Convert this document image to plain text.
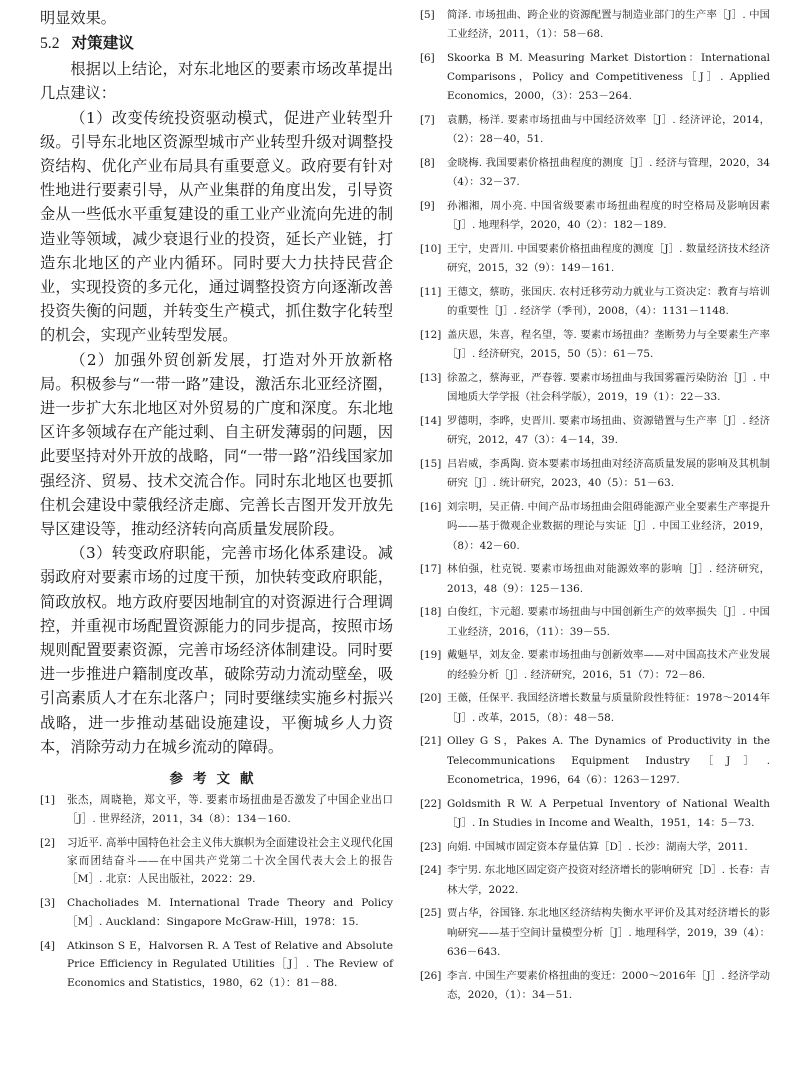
明显效果。

5.2 对策建议

根据以上结论，对东北地区的要素市场改革提出几点建议：

（1）改变传统投资驱动模式，促进产业转型升级。引导东北地区资源型城市产业转型升级对调整投资结构、优化产业布局具有重要意义。政府要有针对性地进行要素引导，从产业集群的角度出发，引导资金从一些低水平重复建设的重工业产业流向先进的制造业等领域，减少衰退行业的投资，延长产业链，打造东北地区的产业内循环。同时要大力扶持民营企业，实现投资的多元化，通过调整投资方向逐渐改善投资失衡的问题，并转变生产模式，抓住数字化转型的机会，实现产业转型发展。

（2）加强外贸创新发展，打造对外开放新格局。积极参与“一带一路”建设，激活东北亚经济圈，进一步扩大东北地区对外贸易的广度和深度。东北地区许多领域存在产能过剩、自主研发薄弱的问题，因此要坚持对外开放的战略，同“一带一路”沿线国家加强经济、贸易、技术交流合作。同时东北地区也要抓住机会建设中蒙俄经济走廊、完善长吉图开发开放先导区建设等，推动经济转向高质量发展阶段。

（3）转变政府职能，完善市场化体系建设。减弱政府对要素市场的过度干预，加快转变政府职能，简政放权。地方政府要因地制宜的对资源进行合理调控，并重视市场配置资源能力的同步提高，按照市场规则配置要素资源，完善市场经济体制建设。同时要进一步推进户籍制度改革，破除劳动力流动壁垒，吸引高素质人才在东北落户；同时要继续实施乡村振兴战略，进一步推动基础设施建设，平衡城乡人力资本，消除劳动力在城乡流动的障碍。

参考文献
[1]	张杰，周晓艳，郑文平，等. 要素市场扭曲是否激发了中国企业出口［J］. 世界经济，2011，34（8）：134－160.
[2]	习近平. 高举中国特色社会主义伟大旗帜为全面建设社会主义现代化国家而团结奋斗——在中国共产党第二十次全国代表大会上的报告［M］. 北京：人民出版社，2022：29.
[3]	Chacholiades M. International Trade Theory and Policy［M］. Auckland：Singapore McGraw-Hill，1978：15.
[4]	Atkinson S E，Halvorsen R. A Test of Relative and Absolute Price Efficiency in Regulated Utilities［J］. The Review of Economics and Statistics，1980，62（1）：81－88.
[5]	简泽. 市场扭曲、跨企业的资源配置与制造业部门的生产率［J］. 中国工业经济，2011，（1）：58－68.
[6]	Skoorka B M. Measuring Market Distortion：International Comparisons，Policy and Competitiveness［J］. Applied Economics，2000，（3）：253－264.
[7]	袁鹏，杨洋. 要素市场扭曲与中国经济效率［J］. 经济评论，2014，（2）：28－40，51.
[8]	金晓梅. 我国要素价格扭曲程度的测度［J］. 经济与管理，2020，34（4）：32－37.
[9]	孙湘湘，周小亮. 中国省级要素市场扭曲程度的时空格局及影响因素［J］. 地理科学，2020，40（2）：182－189.
[10] 王宁，史晋川. 中国要素价格扭曲程度的测度［J］. 数量经济技术经济研究，2015，32（9）：149－161.
[11] 王德文，蔡昉，张国庆. 农村迁移劳动力就业与工资决定：教育与培训的重要性［J］. 经济学（季刊），2008，（4）：1131－1148.
[12] 盖庆恩，朱喜，程名望，等. 要素市场扭曲？垄断势力与全要素生产率［J］. 经济研究，2015，50（5）：61－75.
[13] 徐盈之，蔡海亚，严春蓉. 要素市场扭曲与我国雾霾污染防治［J］. 中国地质大学学报（社会科学版），2019，19（1）：22－33.
[14] 罗德明，李晔，史晋川. 要素市场扭曲、资源错置与生产率［J］. 经济研究，2012，47（3）：4－14，39.
[15] 吕岩威，李禹陶. 资本要素市场扭曲对经济高质量发展的影响及其机制研究［J］. 统计研究，2023，40（5）：51－63.
[16] 刘宗明，吴正倩. 中间产品市场扭曲会阻碍能源产业全要素生产率提升吗——基于微观企业数据的理论与实证［J］. 中国工业经济，2019，（8）：42－60.
[17] 林伯强，杜克锐. 要素市场扭曲对能源效率的影响［J］. 经济研究，2013，48（9）：125－136.
[18] 白俊红，卞元超. 要素市场扭曲与中国创新生产的效率损失［J］. 中国工业经济，2016，（11）：39－55.
[19] 戴魁早，刘友金. 要素市场扭曲与创新效率——对中国高技术产业发展的经验分析［J］. 经济研究，2016，51（7）：72－86.
[20] 王薇，任保平. 我国经济增长数量与质量阶段性特征：1978～2014年［J］. 改革，2015，（8）：48－58.
[21] Olley G S，Pakes A. The Dynamics of Productivity in the Telecommunications Equipment Industry［J］. Econometrica，1996，64（6）：1263－1297.
[22] Goldsmith R W. A Perpetual Inventory of National Wealth［J］. In Studies in Income and Wealth，1951，14：5－73.
[23] 向娟. 中国城市固定资本存量估算［D］. 长沙：湖南大学，2011.
[24] 李宁男. 东北地区固定资产投资对经济增长的影响研究［D］. 长春：吉林大学，2022.
[25] 贾占华，谷国锋. 东北地区经济结构失衡水平评价及其对经济增长的影响研究——基于空间计量模型分析［J］. 地理科学，2019，39（4）：636－643.
[26] 李言. 中国生产要素价格扭曲的变迁：2000～2016年［J］. 经济学动态，2020，（1）：34－51.
